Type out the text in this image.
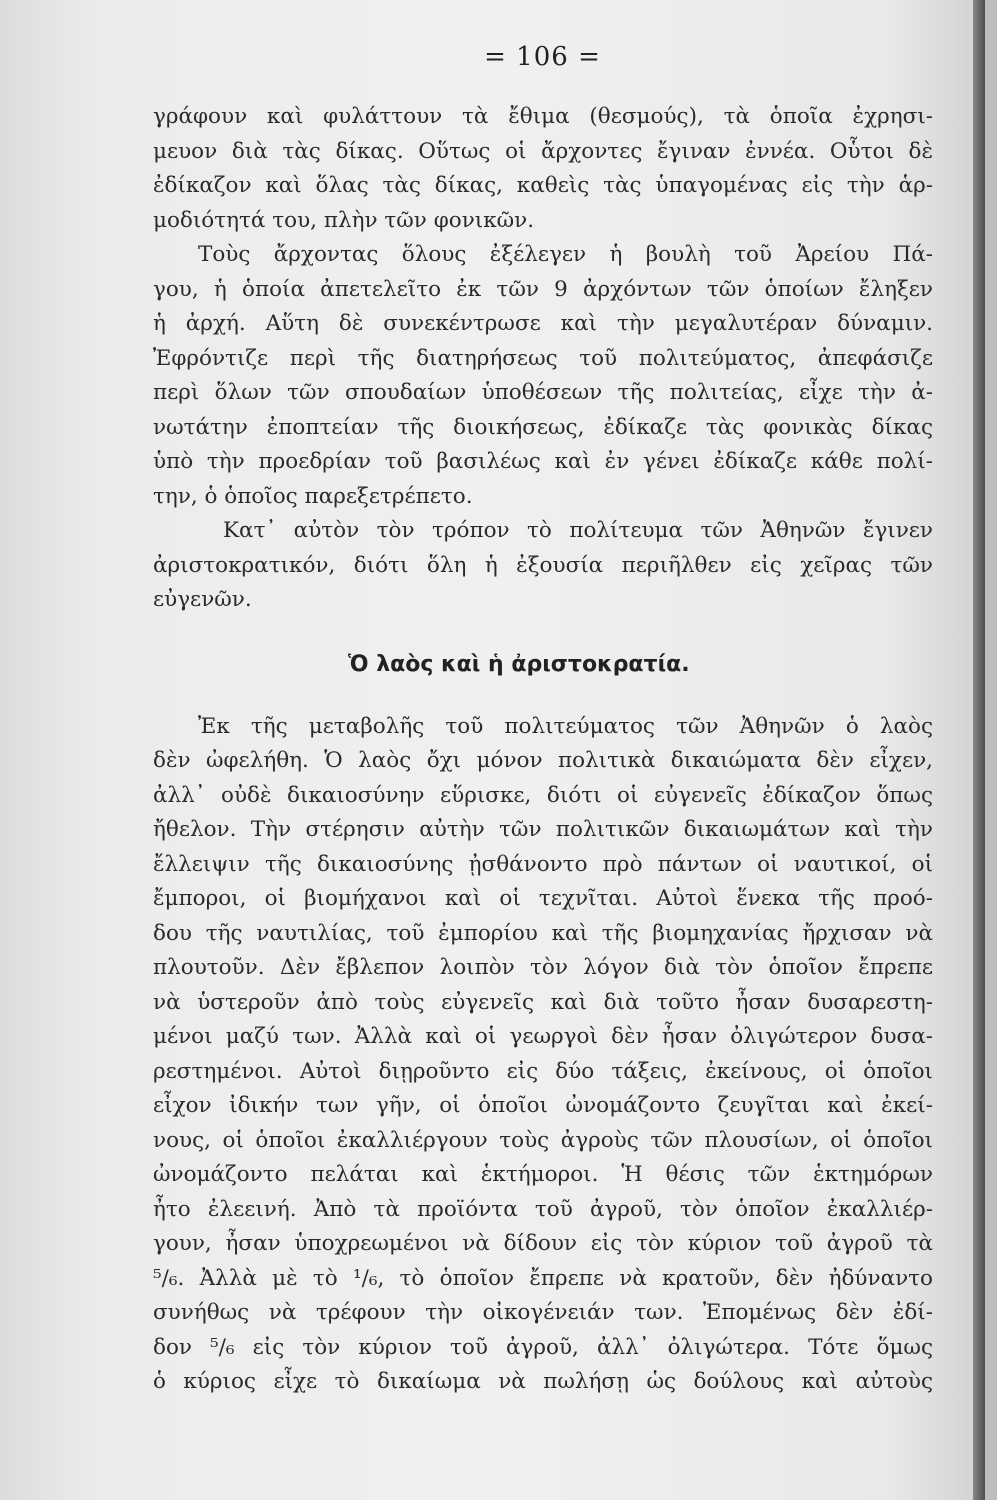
= 106 =
γράφουν καὶ φυλάττουν τὰ ἔθιμα (θεσμούς), τὰ ὁποῖα ἐχρησι-
μευον διὰ τὰς δίκας. Οὕτως οἱ ἄρχοντες ἔγιναν ἐννέα. Οὗτοι δὲ
ἐδίκαζον καὶ ὅλας τὰς δίκας, καθεὶς τὰς ὑπαγομένας εἰς τὴν ἁρ-
μοδιότητά του, πλὴν τῶν φονικῶν.
Τοὺς ἄρχοντας ὅλους ἐξέλεγεν ἡ βουλὴ τοῦ Ἀρείου Πά-
γου, ἡ ὁποία ἀπετελεῖτο ἐκ τῶν 9 ἀρχόντων τῶν ὁποίων ἔληξεν
ἡ ἀρχή. Αὕτη δὲ συνεκέντρωσε καὶ τὴν μεγαλυτέραν δύναμιν.
Ἐφρόντιζε περὶ τῆς διατηρήσεως τοῦ πολιτεύματος, ἀπεφάσιζε
περὶ ὅλων τῶν σπουδαίων ὑποθέσεων τῆς πολιτείας, εἶχε τὴν ἀ-
νωτάτην ἐποπτείαν τῆς διοικήσεως, ἐδίκαζε τὰς φονικὰς δίκας
ὑπὸ τὴν προεδρίαν τοῦ βασιλέως καὶ ἐν γένει ἐδίκαζε κάθε πολί-
την, ὁ ὁποῖος παρεξετρέπετο.
Κατ᾽ αὐτὸν τὸν τρόπον τὸ πολίτευμα τῶν Ἀθηνῶν ἔγινεν
ἀριστοκρατικόν, διότι ὅλη ἡ ἐξουσία περιῆλθεν εἰς χεῖρας τῶν
εὐγενῶν.
Ὁ λαὸς καὶ ἡ ἀριστοκρατία.
Ἐκ τῆς μεταβολῆς τοῦ πολιτεύματος τῶν Ἀθηνῶν ὁ λαὸς
δὲν ὠφελήθη. Ὁ λαὸς ὄχι μόνον πολιτικὰ δικαιώματα δὲν εἶχεν,
ἀλλ᾽ οὐδὲ δικαιοσύνην εὕρισκε, διότι οἱ εὐγενεῖς ἐδίκαζον ὅπως
ἤθελον. Τὴν στέρησιν αὐτὴν τῶν πολιτικῶν δικαιωμάτων καὶ τὴν
ἔλλειψιν τῆς δικαιοσύνης ᾐσθάνοντο πρὸ πάντων οἱ ναυτικοί, οἱ
ἔμποροι, οἱ βιομήχανοι καὶ οἱ τεχνῖται. Αὐτοὶ ἕνεκα τῆς προό-
δου τῆς ναυτιλίας, τοῦ ἐμπορίου καὶ τῆς βιομηχανίας ἤρχισαν νὰ
πλουτοῦν. Δὲν ἔβλεπον λοιπὸν τὸν λόγον διὰ τὸν ὁποῖον ἔπρεπε
νὰ ὑστεροῦν ἀπὸ τοὺς εὐγενεῖς καὶ διὰ τοῦτο ἦσαν δυσαρεστη-
μένοι μαζύ των. Ἀλλὰ καὶ οἱ γεωργοὶ δὲν ἦσαν ὀλιγώτερον δυσα-
ρεστημένοι. Αὐτοὶ διῃροῦντο εἰς δύο τάξεις, ἐκείνους, οἱ ὁποῖοι
εἶχον ἰδικήν των γῆν, οἱ ὁποῖοι ὠνομάζοντο ζευγῖται καὶ ἐκεί-
νους, οἱ ὁποῖοι ἐκαλλιέργουν τοὺς ἀγροὺς τῶν πλουσίων, οἱ ὁποῖοι
ὠνομάζοντο πελάται καὶ ἑκτήμοροι. Ἡ θέσις τῶν ἑκτημόρων
ἦτο ἐλεεινή. Ἀπὸ τὰ προϊόντα τοῦ ἀγροῦ, τὸν ὁποῖον ἐκαλλιέρ-
γουν, ἦσαν ὑποχρεωμένοι νὰ δίδουν εἰς τὸν κύριον τοῦ ἀγροῦ τὰ
⁵/₆. Ἀλλὰ μὲ τὸ ¹/₆, τὸ ὁποῖον ἔπρεπε νὰ κρατοῦν, δὲν ἠδύναντο
συνήθως νὰ τρέφουν τὴν οἰκογένειάν των. Ἐπομένως δὲν ἐδί-
δον ⁵/₆ εἰς τὸν κύριον τοῦ ἀγροῦ, ἀλλ᾽ ὀλιγώτερα. Τότε ὅμως
ὁ κύριος εἶχε τὸ δικαίωμα νὰ πωλήσῃ ὡς δούλους καὶ αὐτοὺς
